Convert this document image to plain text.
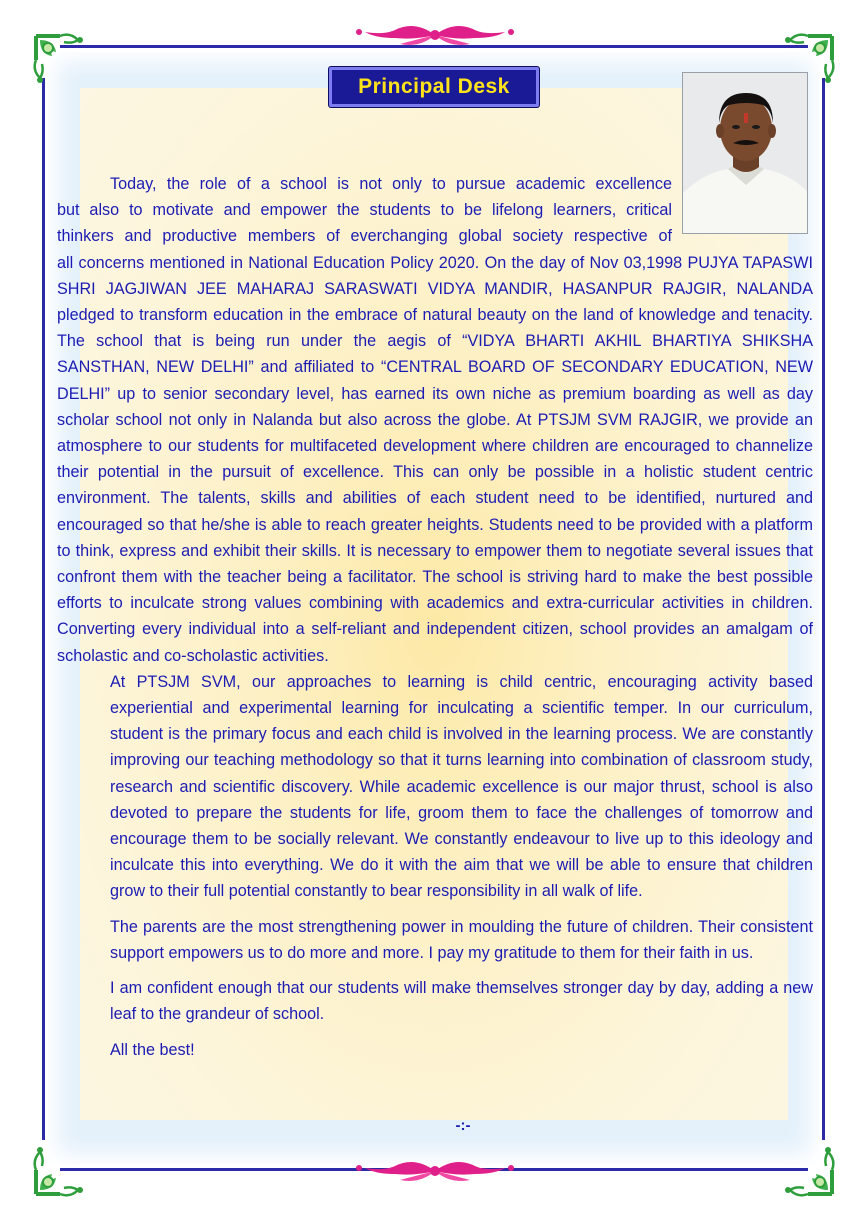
Principal Desk
Today, the role of a school is not only to pursue academic excellence
but also to motivate and empower the students to be lifelong learners, critical
thinkers and productive members of everchanging global society respective of
all concerns mentioned in National Education Policy 2020. On the day of Nov 03,1998 PUJYA TAPASWI SHRI JAGJIWAN JEE MAHARAJ SARASWATI VIDYA MANDIR, HASANPUR RAJGIR, NALANDA pledged to transform education in the embrace of natural beauty on the land of knowledge and tenacity. The school that is being run under the aegis of “VIDYA BHARTI AKHIL BHARTIYA SHIKSHA SANSTHAN, NEW DELHI” and affiliated to “CENTRAL BOARD OF SECONDARY EDUCATION, NEW DELHI” up to senior secondary level, has earned its own niche as premium boarding as well as day scholar school not only in Nalanda but also across the globe. At PTSJM SVM RAJGIR, we provide an atmosphere to our students for multifaceted development where children are encouraged to channelize their potential in the pursuit of excellence. This can only be possible in a holistic student centric environment. The talents, skills and abilities of each student need to be identified, nurtured and encouraged so that he/she is able to reach greater heights. Students need to be provided with a platform to think, express and exhibit their skills. It is necessary to empower them to negotiate several issues that confront them with the teacher being a facilitator. The school is striving hard to make the best possible efforts to inculcate strong values combining with academics and extra-curricular activities in children. Converting every individual into a self-reliant and independent citizen, school provides an amalgam of scholastic and co-scholastic activities.
At PTSJM SVM, our approaches to learning is child centric, encouraging activity based experiential and experimental learning for inculcating a scientific temper. In our curriculum, student is the primary focus and each child is involved in the learning process. We are constantly improving our teaching methodology so that it turns learning into combination of classroom study, research and scientific discovery. While academic excellence is our major thrust, school is also devoted to prepare the students for life, groom them to face the challenges of tomorrow and encourage them to be socially relevant. We constantly endeavour to live up to this ideology and inculcate this into everything. We do it with the aim that we will be able to ensure that children grow to their full potential constantly to bear responsibility in all walk of life.
The parents are the most strengthening power in moulding the future of children. Their consistent support empowers us to do more and more. I pay my gratitude to them for their faith in us.
I am confident enough that our students will make themselves stronger day by day, adding a new leaf to the grandeur of school.
All the best!
-:-
